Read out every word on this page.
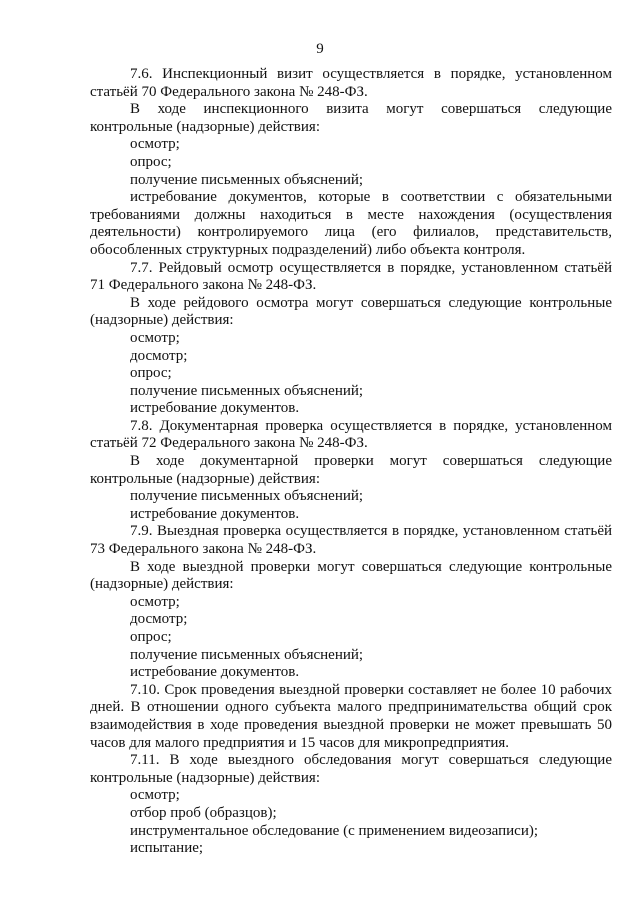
9

7.6. Инспекционный визит осуществляется в порядке, установленном статьёй 70 Федерального закона № 248-ФЗ.

В ходе инспекционного визита могут совершаться следующие контрольные (надзорные) действия:

осмотр;

опрос;

получение письменных объяснений;

истребование документов, которые в соответствии с обязательными требованиями должны находиться в месте нахождения (осуществления деятельности) контролируемого лица (его филиалов, представительств, обособленных структурных подразделений) либо объекта контроля.

7.7. Рейдовый осмотр осуществляется в порядке, установленном статьёй 71 Федерального закона № 248-ФЗ.

В ходе рейдового осмотра могут совершаться следующие контрольные (надзорные) действия:

осмотр;

досмотр;

опрос;

получение письменных объяснений;

истребование документов.

7.8. Документарная проверка осуществляется в порядке, установленном статьёй 72 Федерального закона № 248-ФЗ.

В ходе документарной проверки могут совершаться следующие контрольные (надзорные) действия:

получение письменных объяснений;

истребование документов.

7.9. Выездная проверка осуществляется в порядке, установленном статьёй 73 Федерального закона № 248-ФЗ.

В ходе выездной проверки могут совершаться следующие контрольные (надзорные) действия:

осмотр;

досмотр;

опрос;

получение письменных объяснений;

истребование документов.

7.10. Срок проведения выездной проверки составляет не более 10 рабочих дней. В отношении одного субъекта малого предпринимательства общий срок взаимодействия в ходе проведения выездной проверки не может превышать 50 часов для малого предприятия и 15 часов для микропредприятия.

7.11. В ходе выездного обследования могут совершаться следующие контрольные (надзорные) действия:

осмотр;

отбор проб (образцов);

инструментальное обследование (с применением видеозаписи);

испытание;
